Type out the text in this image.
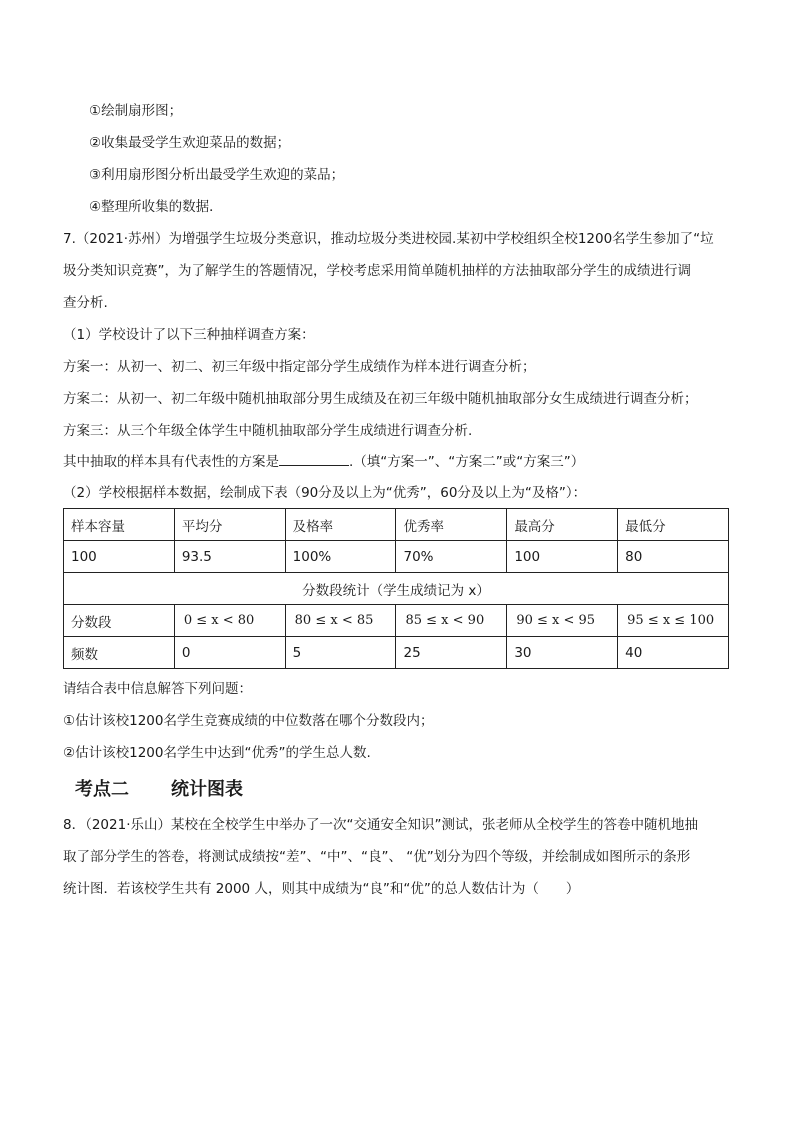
①绘制扇形图；
②收集最受学生欢迎菜品的数据；
③利用扇形图分析出最受学生欢迎的菜品；
④整理所收集的数据．
7.（2021·苏州）为增强学生垃圾分类意识，推动垃圾分类进校园.某初中学校组织全校1200名学生参加了“垃
圾分类知识竞赛”，为了解学生的答题情况，学校考虑采用简单随机抽样的方法抽取部分学生的成绩进行调
查分析.
（1）学校设计了以下三种抽样调查方案：
方案一：从初一、初二、初三年级中指定部分学生成绩作为样本进行调查分析；
方案二：从初一、初二年级中随机抽取部分男生成绩及在初三年级中随机抽取部分女生成绩进行调查分析；
方案三：从三个年级全体学生中随机抽取部分学生成绩进行调查分析.
其中抽取的样本具有代表性的方案是	.（填“方案一”、“方案二”或“方案三”）
（2）学校根据样本数据，绘制成下表（90分及以上为“优秀”，60分及以上为“及格”）：
样本容量	平均分	及格率	优秀率	最高分	最低分
100	93.5	100%	70%	100	80
分数段统计（学生成绩记为 x）					
分数段	0 ≤ x < 80	80 ≤ x < 85	85 ≤ x < 90	90 ≤ x < 95	95 ≤ x ≤ 100
频数	0	5	25	30	40
请结合表中信息解答下列问题：
①估计该校1200名学生竞赛成绩的中位数落在哪个分数段内；
②估计该校1200名学生中达到“优秀”的学生总人数.
考点二 统计图表
8．（2021·乐山）某校在全校学生中举办了一次“交通安全知识”测试，张老师从全校学生的答卷中随机地抽
取了部分学生的答卷，将测试成绩按“差”、“中”、“良”、 “优”划分为四个等级，并绘制成如图所示的条形
统计图．若该校学生共有 2000 人，则其中成绩为“良”和“优”的总人数估计为（　　）
